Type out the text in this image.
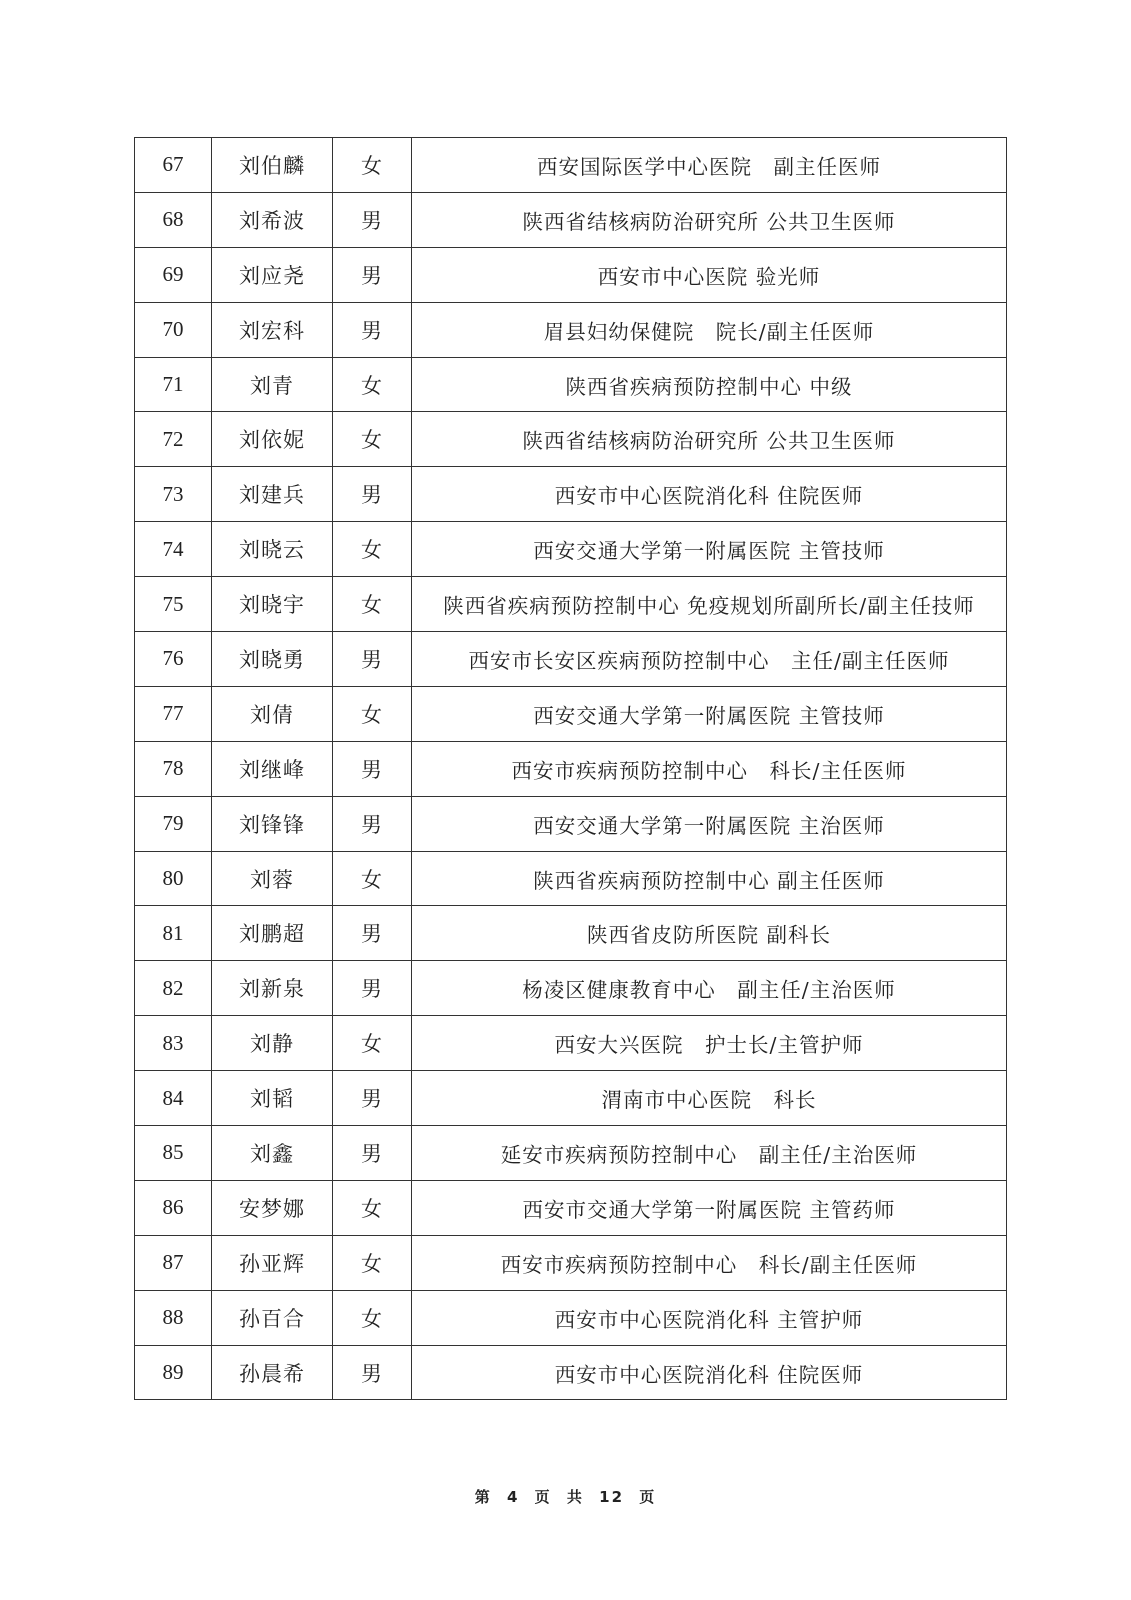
67	刘伯麟	女	西安国际医学中心医院　副主任医师
68	刘希波	男	陕西省结核病防治研究所 公共卫生医师
69	刘应尧	男	西安市中心医院 验光师
70	刘宏科	男	眉县妇幼保健院　院长/副主任医师
71	刘青	女	陕西省疾病预防控制中心 中级
72	刘依妮	女	陕西省结核病防治研究所 公共卫生医师
73	刘建兵	男	西安市中心医院消化科 住院医师
74	刘晓云	女	西安交通大学第一附属医院 主管技师
75	刘晓宇	女	陕西省疾病预防控制中心 免疫规划所副所长/副主任技师
76	刘晓勇	男	西安市长安区疾病预防控制中心　主任/副主任医师
77	刘倩	女	西安交通大学第一附属医院 主管技师
78	刘继峰	男	西安市疾病预防控制中心　科长/主任医师
79	刘锋锋	男	西安交通大学第一附属医院 主治医师
80	刘蓉	女	陕西省疾病预防控制中心 副主任医师
81	刘鹏超	男	陕西省皮防所医院 副科长
82	刘新泉	男	杨凌区健康教育中心　副主任/主治医师
83	刘静	女	西安大兴医院　护士长/主管护师
84	刘韬	男	渭南市中心医院　科长
85	刘鑫	男	延安市疾病预防控制中心　副主任/主治医师
86	安梦娜	女	西安市交通大学第一附属医院 主管药师
87	孙亚辉	女	西安市疾病预防控制中心　科长/副主任医师
88	孙百合	女	西安市中心医院消化科 主管护师
89	孙晨希	男	西安市中心医院消化科 住院医师
第 4 页 共 12 页
